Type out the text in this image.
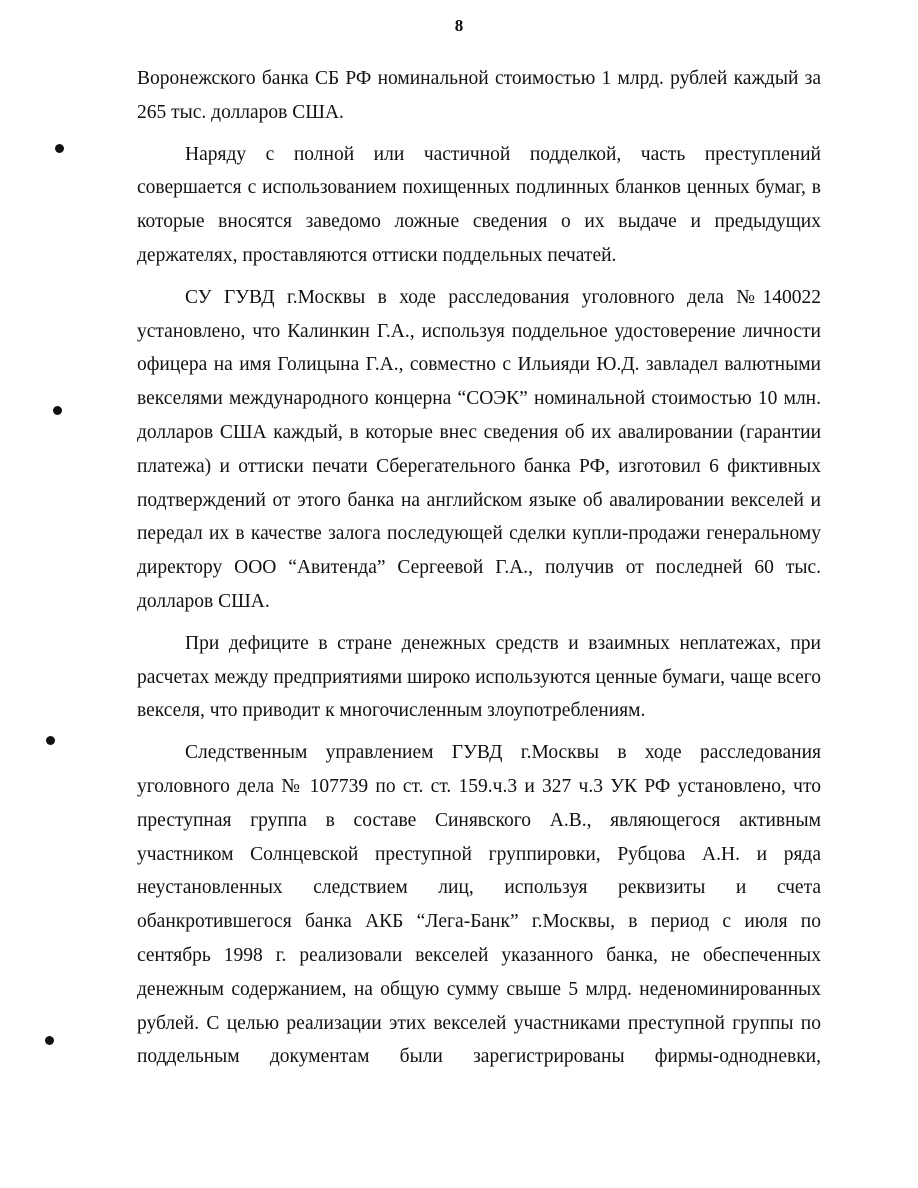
8

Воронежского банка СБ РФ номинальной стоимостью 1 млрд. рублей каждый за 265 тыс. долларов США.

Наряду с полной или частичной подделкой, часть преступлений совершается с использованием похищенных подлинных бланков ценных бумаг, в которые вносятся заведомо ложные сведения о их выдаче и предыдущих держателях, проставляются оттиски поддельных печатей.

СУ ГУВД г.Москвы в ходе расследования уголовного дела №140022 установлено, что Калинкин Г.А., используя поддельное удостоверение личности офицера на имя Голицына Г.А., совместно с Ильияди Ю.Д. завладел валютными векселями международного концерна “СОЭК” номинальной стоимостью 10 млн. долларов США каждый, в которые внес сведения об их авалировании (гарантии платежа) и оттиски печати Сберегательного банка РФ, изготовил 6 фиктивных подтверждений от этого банка на английском языке об авалировании векселей и передал их в качестве залога последующей сделки купли-продажи генеральному директору ООО “Авитенда” Сергеевой Г.А., получив от последней 60 тыс. долларов США.

При дефиците в стране денежных средств и взаимных неплатежах, при расчетах между предприятиями широко используются ценные бумаги, чаще всего векселя, что приводит к многочисленным злоупотреблениям.

Следственным управлением ГУВД г.Москвы в ходе расследования уголовного дела № 107739 по ст. ст. 159.ч.3 и 327 ч.3 УК РФ установлено, что преступная группа в составе Синявского А.В., являющегося активным участником Солнцевской преступной группировки, Рубцова А.Н. и ряда неустановленных следствием лиц, используя реквизиты и счета обанкротившегося банка АКБ “Лега-Банк” г.Москвы, в период с июля по сентябрь 1998 г. реализовали векселей указанного банка, не обеспеченных денежным содержанием, на общую сумму свыше 5 млрд. неденоминированных рублей. С целью реализации этих векселей участниками преступной группы по поддельным документам были зарегистрированы фирмы-однодневки,
